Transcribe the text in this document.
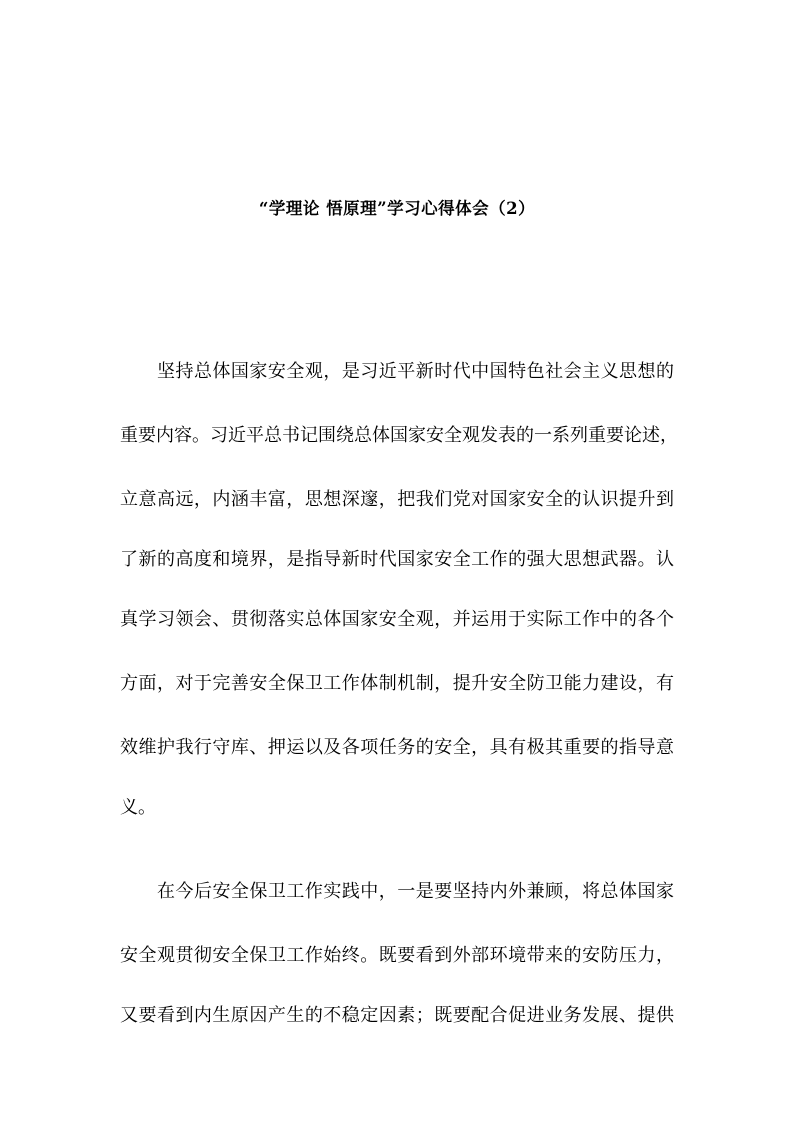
“学理论 悟原理”学习心得体会（2）
坚持总体国家安全观，是习近平新时代中国特色社会主义思想的
重要内容。习近平总书记围绕总体国家安全观发表的一系列重要论述，
立意高远，内涵丰富，思想深邃，把我们党对国家安全的认识提升到
了新的高度和境界，是指导新时代国家安全工作的强大思想武器。认
真学习领会、贯彻落实总体国家安全观，并运用于实际工作中的各个
方面，对于完善安全保卫工作体制机制，提升安全防卫能力建设，有
效维护我行守库、押运以及各项任务的安全，具有极其重要的指导意
义。
在今后安全保卫工作实践中，一是要坚持内外兼顾，将总体国家
安全观贯彻安全保卫工作始终。既要看到外部环境带来的安防压力，
又要看到内生原因产生的不稳定因素；既要配合促进业务发展、提供
